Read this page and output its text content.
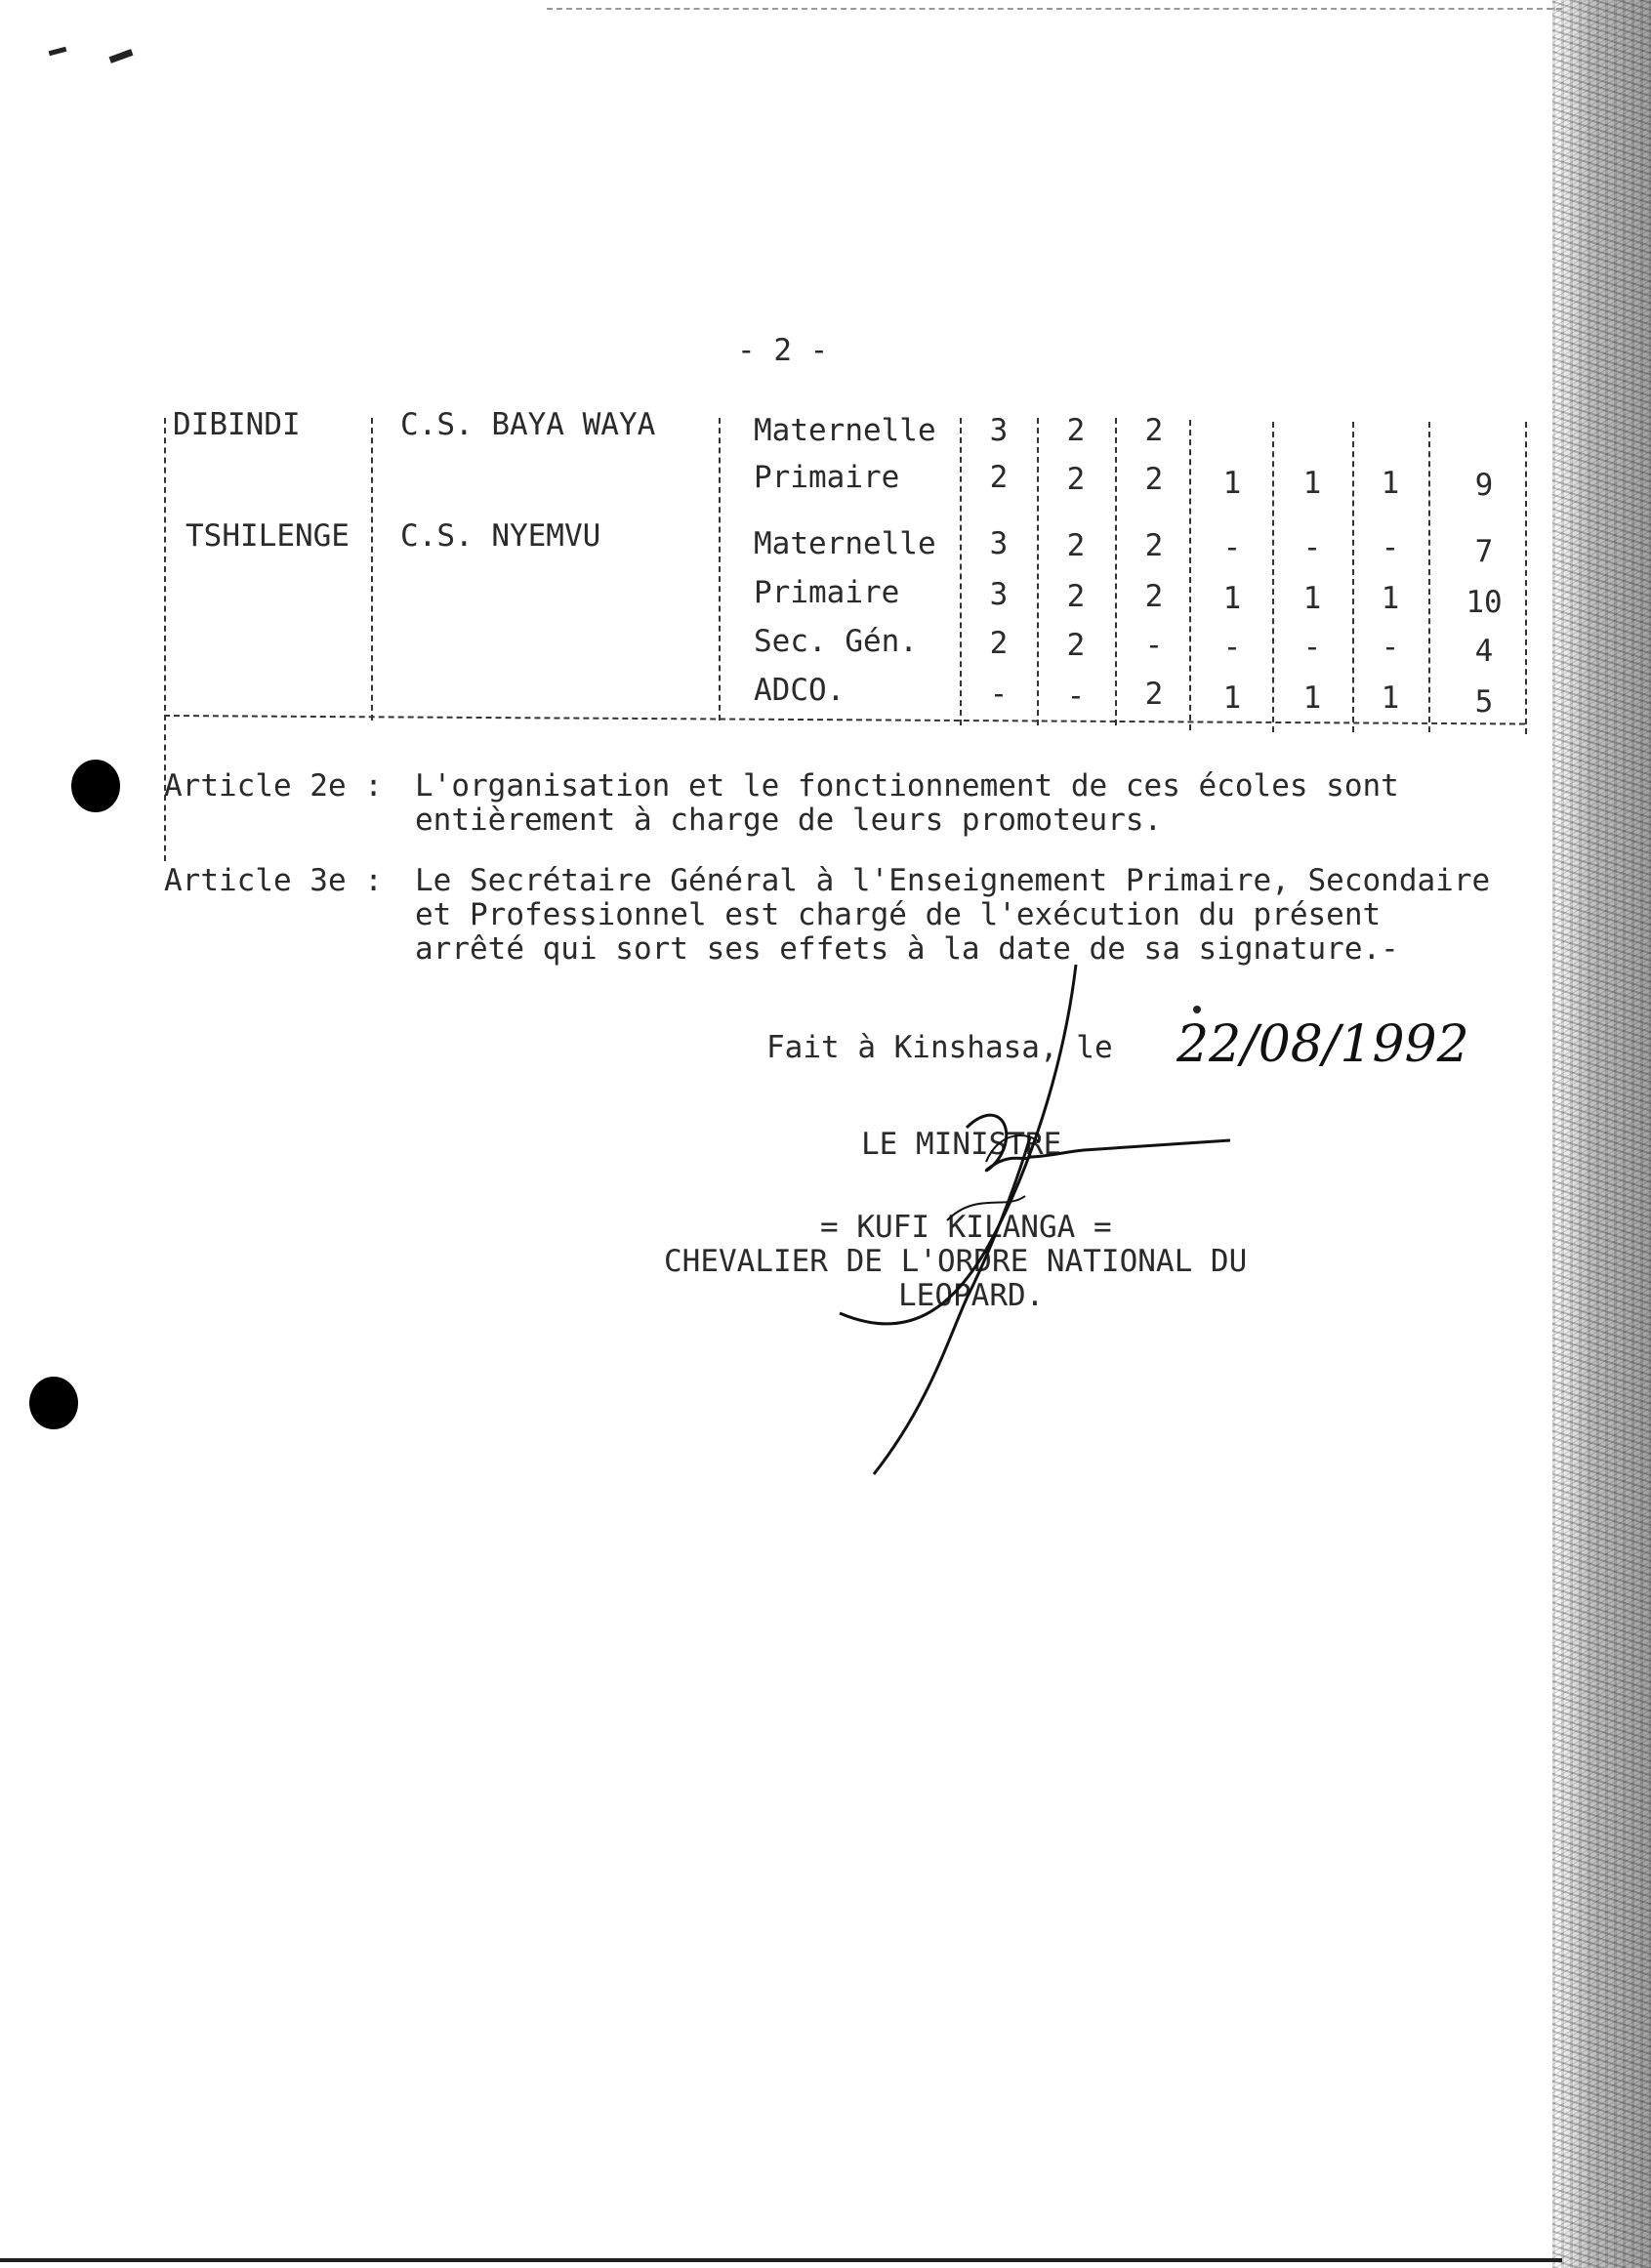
- 2 -
DIBINDI	C.S. BAYA WAYA	Maternelle	3	2	2
Primaire	2	2	2	1	1	1	9
TSHILENGE C.S. NYEMVU	Maternelle	3	2	2	-	-	-	7
Primaire	3	2	2	1	1	1	10
Sec. Gén.	2	2	-	-	-	-	4
ADCO.	-	-	2	1	1	1	5
Article 2e : L'organisation et le fonctionnement de ces écoles sont
entièrement à charge de leurs promoteurs.
Article 3e : Le Secrétaire Général à l'Enseignement Primaire, Secondaire
et Professionnel est chargé de l'exécution du présent
arrêté qui sort ses effets à la date de sa signature.-
Fait à Kinshasa, le 22/08/1992
LE MINISTRE
= KUFI KILANGA =
CHEVALIER DE L'ORDRE NATIONAL DU
LEOPARD.
